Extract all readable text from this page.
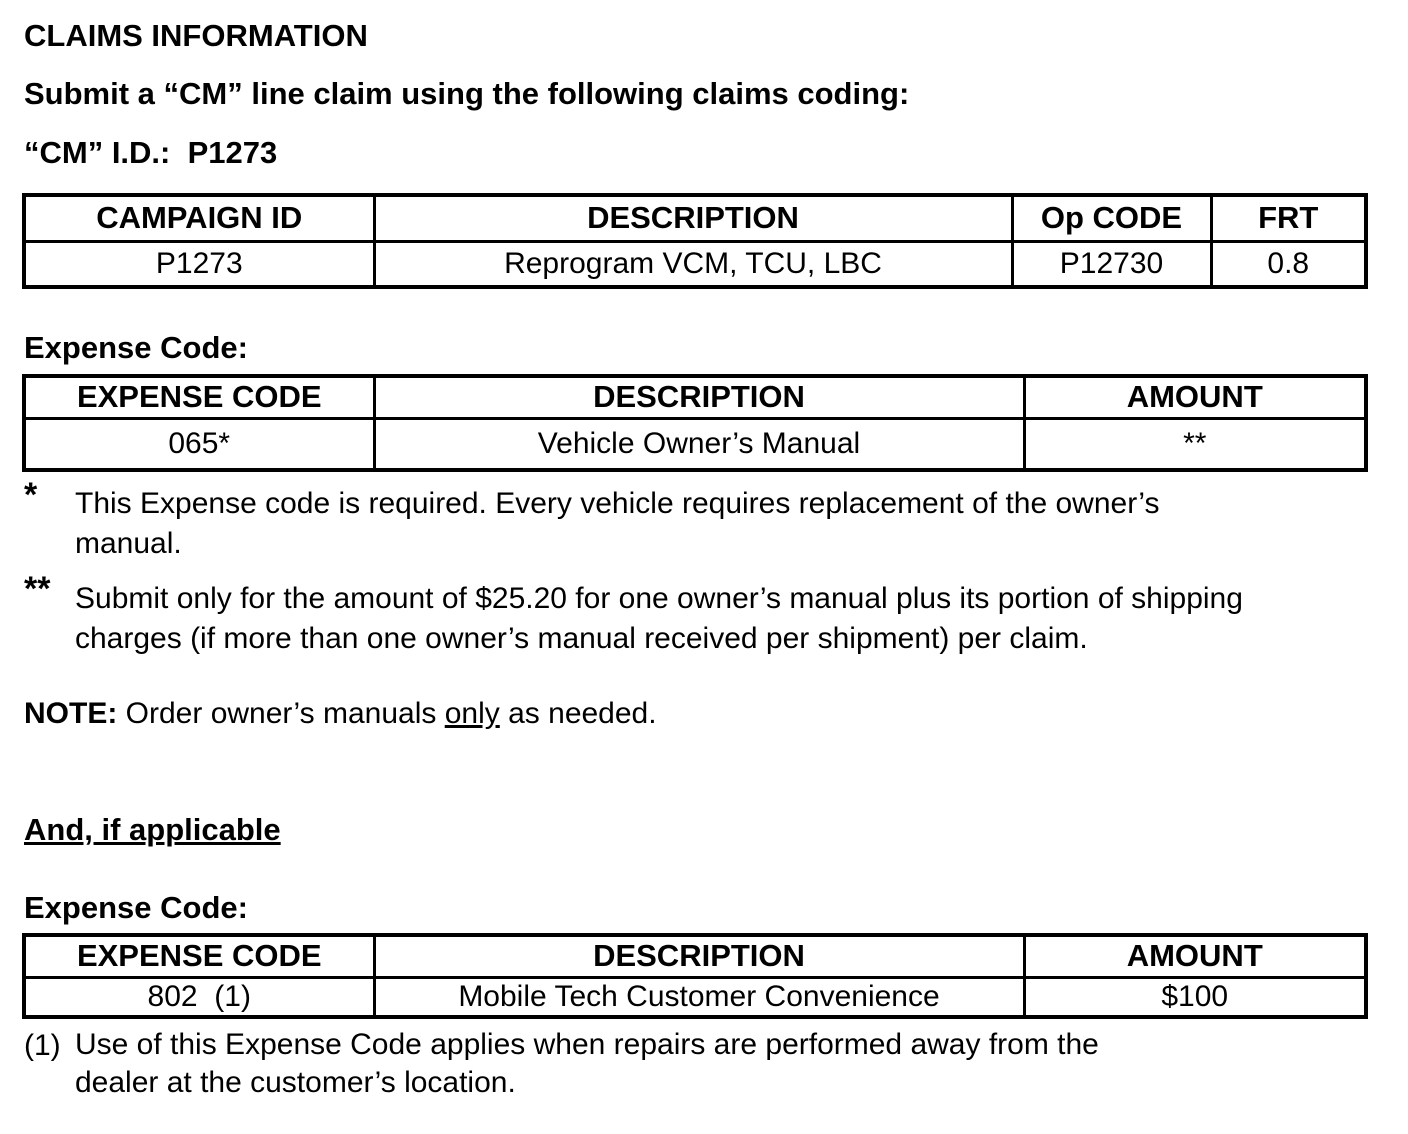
CLAIMS INFORMATION
Submit a “CM” line claim using the following claims coding:
“CM” I.D.: P1273
CAMPAIGN ID	DESCRIPTION	Op CODE	FRT
P1273	Reprogram VCM, TCU, LBC	P12730	0.8
Expense Code:
EXPENSE CODE	DESCRIPTION	AMOUNT
065*	Vehicle Owner’s Manual	**
* This Expense code is required. Every vehicle requires replacement of the owner’s
manual.
** Submit only for the amount of $25.20 for one owner’s manual plus its portion of shipping
charges (if more than one owner’s manual received per shipment) per claim.
NOTE: Order owner’s manuals only as needed.
And, if applicable
Expense Code:
EXPENSE CODE	DESCRIPTION	AMOUNT
802  (1)	Mobile Tech Customer Convenience	$100
(1) Use of this Expense Code applies when repairs are performed away from the
dealer at the customer’s location.
